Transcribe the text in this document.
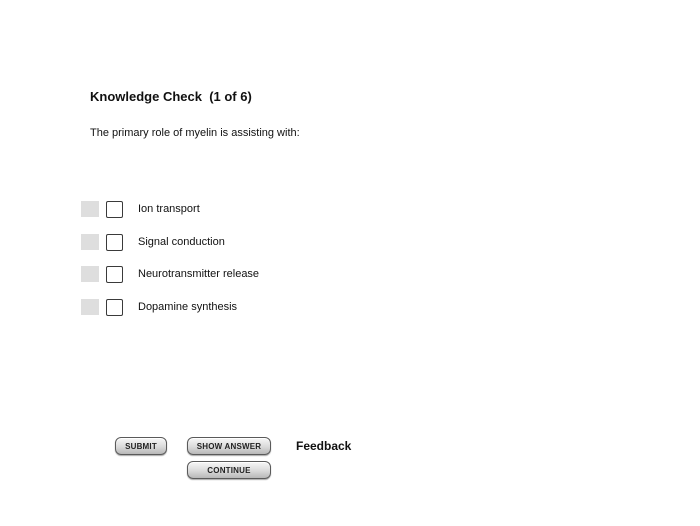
Knowledge Check  (1 of 6)
The primary role of myelin is assisting with:
Ion transport
Signal conduction
Neurotransmitter release
Dopamine synthesis
SUBMIT	SHOW ANSWER
CONTINUE
Feedback
